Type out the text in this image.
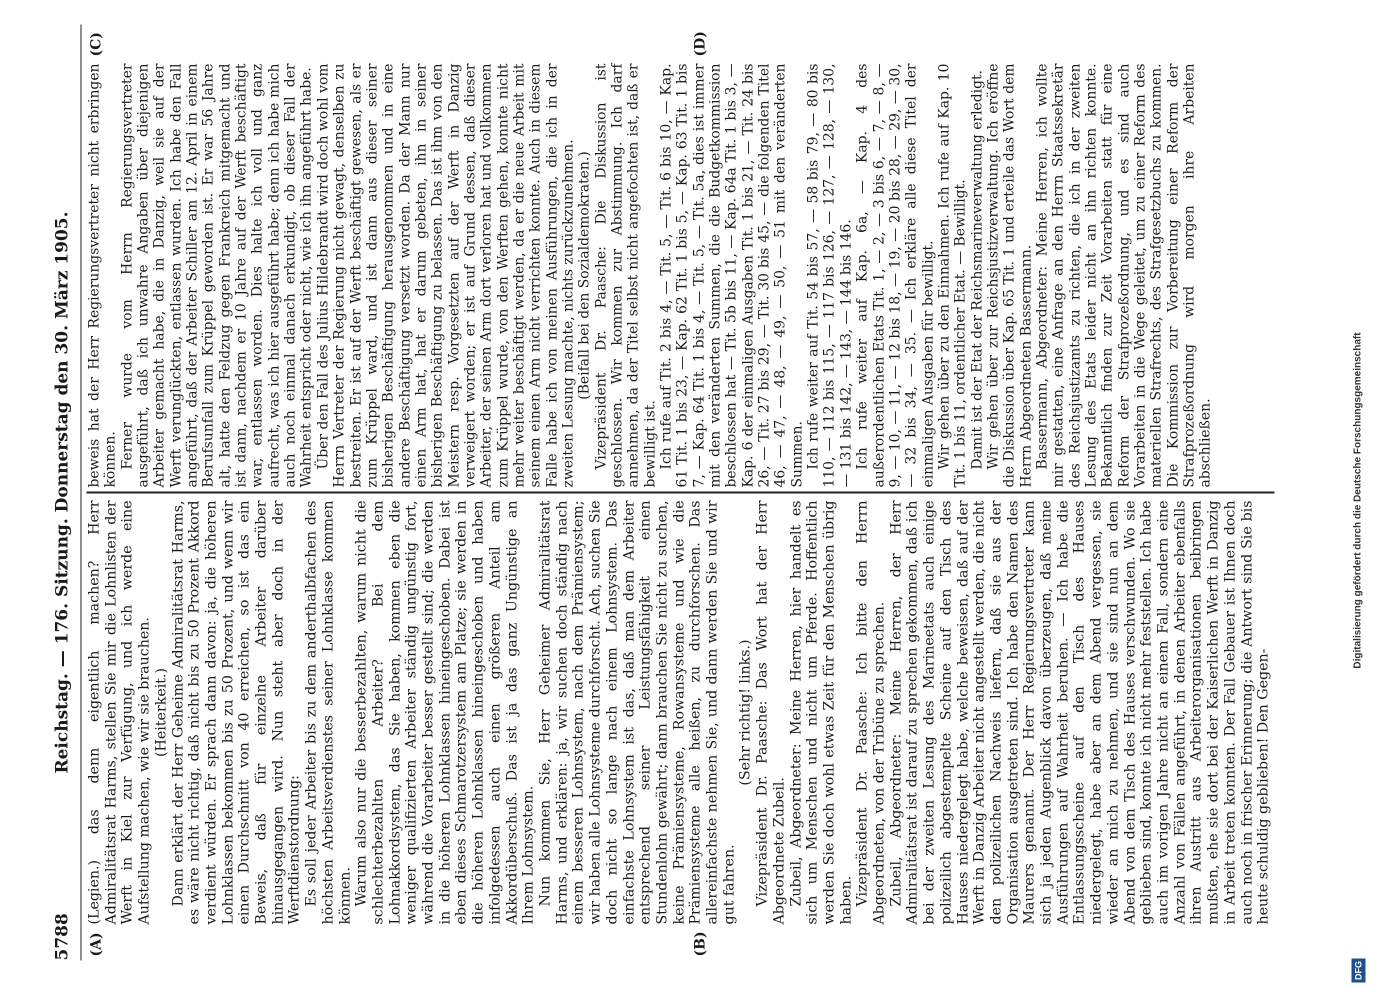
5788
Reichstag. — 176. Sitzung. Donnerstag den 30. März 1905.
(A)	(B)
(C)	(D)

(Legien.) das denn eigentlich machen? Herr Admiralitätsrat Harms, stellen Sie mir die Lohnlisten der Werft in Kiel zur Verfügung, und ich werde eine Aufstellung machen, wie wir sie brauchen. (Heiterkeit.) Dann erklärt der Herr Geheime Admiralitätsrat Harms, es wäre nicht richtig, daß nicht bis zu 50 Prozent Akkord verdient würden. Er sprach dann davon: ja, die höheren Lohnklassen bekommen bis zu 50 Prozent, und wenn wir einen Durchschnitt von 40 erreichen, so ist das ein Beweis, daß für einzelne Arbeiter darüber hinausgegangen wird. Nun steht aber doch in der Werftdienstordnung: Es soll jeder Arbeiter bis zu dem anderthalbfachen des höchsten Arbeitsverdienstes seiner Lohnklasse kommen können. Warum also nur die besserbezahlten, warum nicht die schlechterbezahlten Arbeiter? Bei dem Lohnakkordsystem, das Sie haben, kommen eben die weniger qualifizierten Arbeiter ständig ungünstig fort, während die Vorarbeiter besser gestellt sind; die werden in die höheren Lohnklassen hineingeschoben. Dabei ist eben dieses Schmarotzersystem am Platze; sie werden in die höheren Lohnklassen hineingeschoben und haben infolgedessen auch einen größeren Anteil am Akkordüberschuß. Das ist ja das ganz Ungünstige an Ihrem Lohnsystem. Nun kommen Sie, Herr Geheimer Admiralitätsrat Harms, und erklären: ja, wir suchen doch ständig nach einem besseren Lohnsystem, nach dem Prämiensystem; wir haben alle Lohnsysteme durchforscht. Ach, suchen Sie doch nicht so lange nach einem Lohnsystem. Das einfachste Lohnsystem ist das, daß man dem Arbeiter entsprechend seiner Leistungsfähigkeit einen Stundenlohn gewährt; dann brauchen Sie nicht zu suchen, keine Prämiensysteme, Rowansysteme und wie die Prämiensysteme alle heißen, zu durchforschen. Das allereinfachste nehmen Sie, und dann werden Sie und wir gut fahren.

(Sehr richtig! links.) Vizepräsident Dr. Paasche: Das Wort hat der Herr Abgeordnete Zubeil. Zubeil, Abgeordneter: Meine Herren, hier handelt es sich um Menschen und nicht um Pferde. Hoffentlich werden Sie doch wohl etwas Zeit für den Menschen übrig haben. Vizepräsident Dr. Paasche: Ich bitte den Herrn Abgeordneten, von der Tribüne zu sprechen. Zubeil, Abgeordneter: Meine Herren, der Herr Admiralitätsrat ist darauf zu sprechen gekommen, daß ich bei der zweiten Lesung des Marineetats auch einige polizeilich abgestempelte Scheine auf den Tisch des Hauses niedergelegt habe, welche beweisen, daß auf der Werft in Danzig Arbeiter nicht angestellt werden, die nicht den polizeilichen Nachweis liefern, daß sie aus der Organisation ausgetreten sind. Ich habe den Namen des Maurers genannt. Der Herr Regierungsvertreter kann sich ja jeden Augenblick davon überzeugen, daß meine Ausführungen auf Wahrheit beruhen. — Ich habe die Entlassungsscheine auf den Tisch des Hauses niedergelegt, habe aber an dem Abend vergessen, sie wieder an mich zu nehmen, und sie sind nun an dem Abend von dem Tisch des Hauses verschwunden. Wo sie geblieben sind, konnte ich nicht mehr feststellen. Ich habe auch im vorigen Jahre nicht an einem Fall, sondern eine Anzahl von Fällen angeführt, in denen Arbeiter ebenfalls ihren Austritt aus Arbeiterorganisationen beibringen mußten, ehe sie dort bei der Kaiserlichen Werft in Danzig in Arbeit treten konnten. Der Fall Gebauer ist Ihnen doch auch noch in frischer Erinnerung; die Antwort sind Sie bis heute schuldig geblieben! Den Gegen-

beweis hat der Herr Regierungsvertreter nicht erbringen können. Ferner wurde vom Herrn Regierungsvertreter ausgeführt, daß ich unwahre Angaben über diejenigen Arbeiter gemacht habe, die in Danzig, weil sie auf der Werft verunglückten, entlassen wurden. Ich habe den Fall angeführt, daß der Arbeiter Schiller am 12. April in einem Berufsunfall zum Krüppel geworden ist. Er war 56 Jahre alt, hatte den Feldzug gegen Frankreich mitgemacht und ist dann, nachdem er 10 Jahre auf der Werft beschäftigt war, entlassen worden. Dies halte ich voll und ganz aufrecht, was ich hier ausgeführt habe; denn ich habe mich auch noch einmal danach erkundigt, ob dieser Fall der Wahrheit entspricht oder nicht, wie ich ihn angeführt habe. Über den Fall des Julius Hildebrandt wird doch wohl vom Herrn Vertreter der Regierung nicht gewagt, denselben zu bestreiten. Er ist auf der Werft beschäftigt gewesen, als er zum Krüppel ward, und ist dann aus dieser seiner bisherigen Beschäftigung herausgenommen und in eine andere Beschäftigung versetzt worden. Da der Mann nur einen Arm hat, hat er darum gebeten, ihn in seiner bisherigen Beschäftigung zu belassen. Das ist ihm von den Meistern resp. Vorgesetzten auf der Werft in Danzig verweigert worden; er ist auf Grund dessen, daß dieser Arbeiter, der seinen Arm dort verloren hat und vollkommen zum Krüppel wurde, von den Werften gehen, konnte nicht mehr weiter beschäftigt werden, da er die neue Arbeit mit seinem einen Arm nicht verrichten konnte. Auch in diesem Falle habe ich von meinen Ausführungen, die ich in der zweiten Lesung machte, nichts zurückzunehmen. (Beifall bei den Sozialdemokraten.) Vizepräsident Dr. Paasche: Die Diskussion ist geschlossen. Wir kommen zur Abstimmung. Ich darf annehmen, da der Titel selbst nicht angefochten ist, daß er bewilligt ist. Ich rufe auf Tit. 2 bis 4, — Tit. 5, — Tit. 6 bis 10, — Kap. 61 Tit. 1 bis 23, — Kap. 62 Tit. 1 bis 5, — Kap. 63 Tit. 1 bis 7, — Kap. 64 Tit. 1 bis 4, — Tit. 5, — Tit. 5a, dies ist immer mit den veränderten Summen, die die Budgetkommission beschlossen hat — Tit. 5b bis 11, — Kap. 64a Tit. 1 bis 3, — Kap. 6 der einmaligen Ausgaben Tit. 1 bis 21, — Tit. 24 bis 26, — Tit. 27 bis 29, — Tit. 30 bis 45, — die folgenden Titel 46, — 47, — 48, — 49, — 50, — 51 mit den veränderten Summen. Ich rufe weiter auf Tit. 54 bis 57, — 58 bis 79, — 80 bis 110, — 112 bis 115, — 117 bis 126, — 127, — 128, — 130, — 131 bis 142, — 143, — 144 bis 146. Ich rufe weiter auf Kap. 6a, — Kap. 4 des außerordentlichen Etats Tit. 1, — 2, — 3 bis 6, — 7, — 8, — 9, — 10, — 11, — 12 bis 18, — 19, — 20 bis 28, — 29, — 30, — 32 bis 34, — 35. — Ich erkläre alle diese Titel der einmaligen Ausgaben für bewilligt. Wir gehen über zu den Einnahmen. Ich rufe auf Kap. 10 Tit. 1 bis 11, ordentlicher Etat. — Bewilligt. Damit ist der Etat der Reichsmarineverwaltung erledigt. Wir gehen über zur Reichsjustizverwaltung. Ich eröffne die Diskussion über Kap. 65 Tit. 1 und erteile das Wort dem Herrn Abgeordneten Bassermann. Bassermann, Abgeordneter: Meine Herren, ich wollte mir gestatten, eine Anfrage an den Herrn Staatssekretär des Reichsjustizamts zu richten, die ich in der zweiten Lesung des Etats leider nicht an ihn richten konnte. Bekanntlich finden zur Zeit Vorarbeiten statt für eine Reform der Strafprozeßordnung, und es sind auch Vorarbeiten in die Wege geleitet, um zu einer Reform des materiellen Strafrechts, des Strafgesetzbuchs zu kommen. Die Kommission zur Vorbereitung einer Reform der Strafprozeßordnung wird morgen ihre Arbeiten abschließen.

DFG
Digitalisierung gefördert durch die Deutsche Forschungsgemeinschaft
